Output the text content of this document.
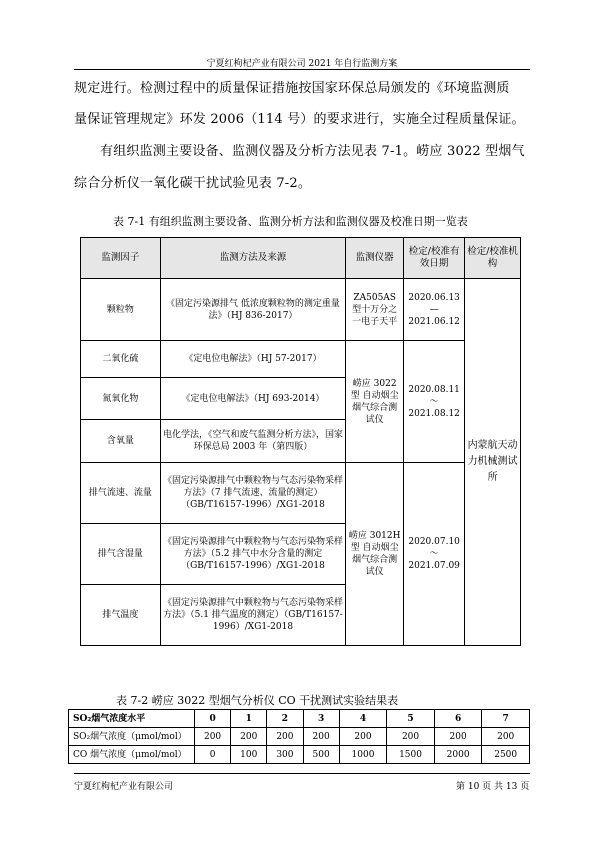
宁夏红枸杞产业有限公司 2021 年自行监测方案
规定进行。检测过程中的质量保证措施按国家环保总局颁发的《环境监测质
量保证管理规定》环发 2006（114 号）的要求进行，实施全过程质量保证。
有组织监测主要设备、监测仪器及分析方法见表 7-1。崂应 3022 型烟气
综合分析仪一氧化碳干扰试验见表 7-2。
表 7-1 有组织监测主要设备、监测分析方法和监测仪器及校准日期一览表
监测因子	监测方法及来源	监测仪器	检定/校准有效日期	检定/校准机构
颗粒物	《固定污染源排气 低浓度颗粒物的测定重量法》（HJ 836-2017）	ZA505AS 型十万分之一电子天平	2020.06.13—2021.06.12	内蒙航天动力机械测试所
二氧化硫	《定电位电解法》（HJ 57-2017）	崂应 3022 型 自动烟尘烟气综合测试仪	2020.08.11～2021.08.12	
氮氧化物	《定电位电解法》（HJ 693-2014）			
含氧量	电化学法，《空气和废气监测分析方法》，国家环保总局 2003 年（第四版）			
排气流速、流量	《固定污染源排气中颗粒物与气态污染物采样方法》（7 排气流速、流量的测定）（GB/T16157-1996）/XG1-2018	崂应 3012H 型 自动烟尘烟气综合测试仪	2020.07.10～2021.07.09	
排气含湿量	《固定污染源排气中颗粒物与气态污染物采样方法》（5.2 排气中水分含量的测定（GB/T16157-1996）/XG1-2018			
排气温度	《固定污染源排气中颗粒物与气态污染物采样方法》（5.1 排气温度的测定）（GB/T16157-1996）/XG1-2018			
表 7-2 崂应 3022 型烟气分析仪 CO 干扰测试实验结果表
SO₂烟气浓度水平	0	1	2	3	4	5	6	7
SO₂烟气浓度（μmol/mol）	200	200	200	200	200	200	200	200
CO 烟气浓度（μmol/mol）	0	100	300	500	1000	1500	2000	2500
宁夏红枸杞产业有限公司	第 10 页 共 13 页
